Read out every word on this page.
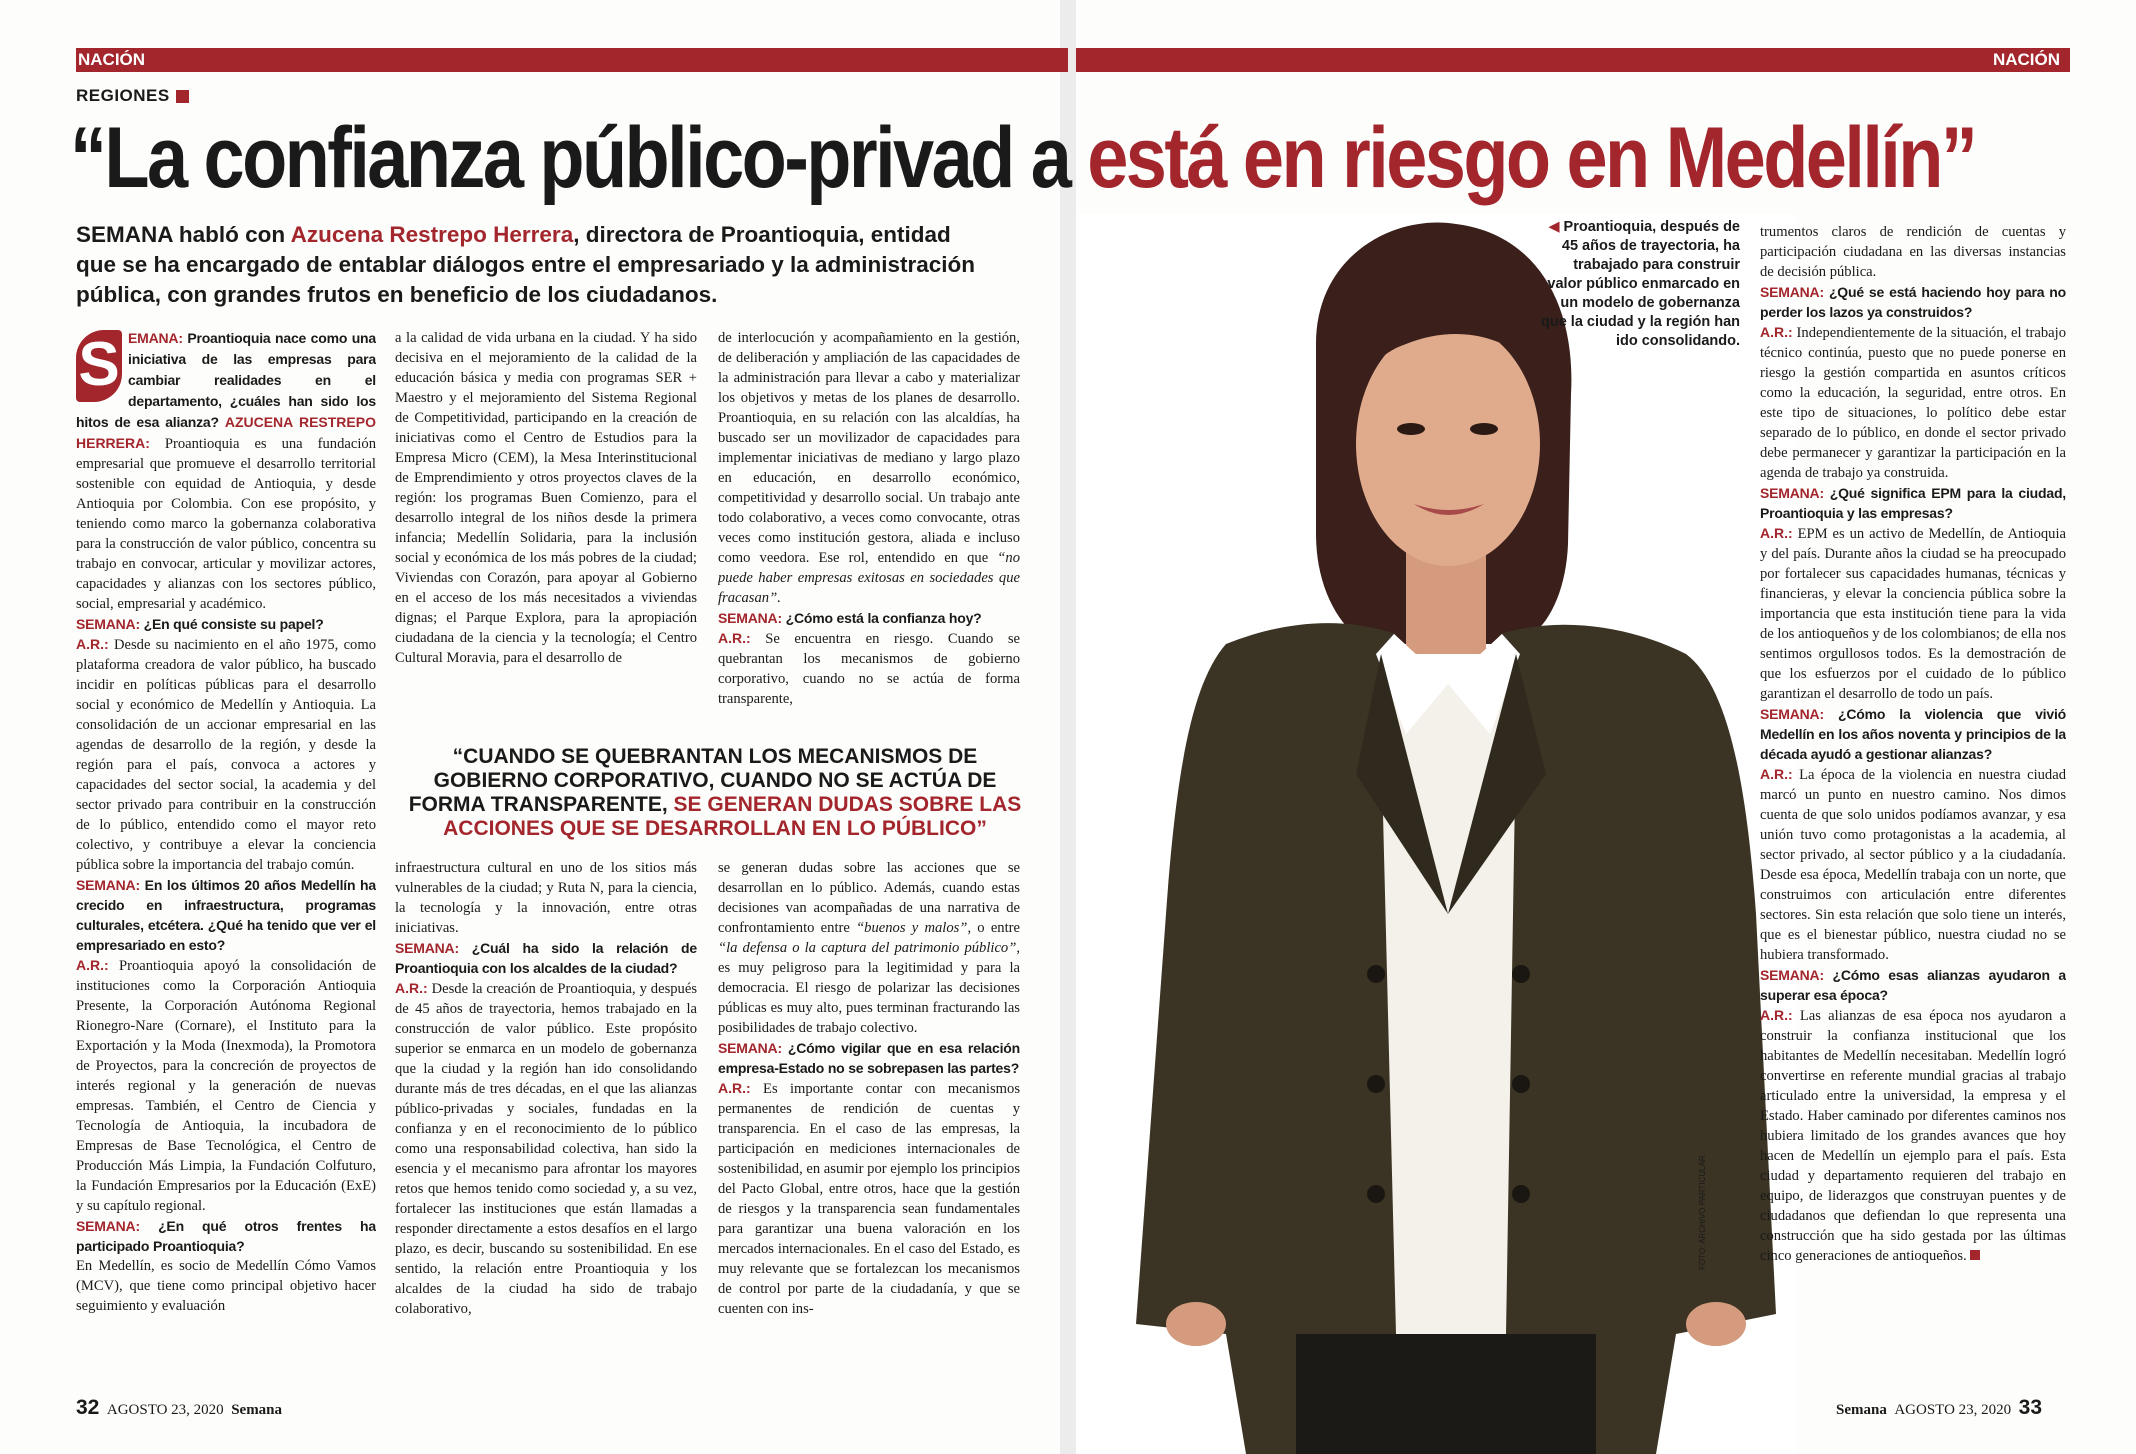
NACIÓN	NACIÓN
REGIONES
“La confianza público-privad a está en riesgo en Medellín”
SEMANA habló con Azucena Restrepo Herrera, directora de Proantioquia, entidad que se ha encargado de entablar diálogos entre el empresariado y la administración pública, con grandes frutos en beneficio de los ciudadanos.

S EMANA: Proantioquia nace como una iniciativa de las empresas para cambiar realidades en el departamento, ¿cuáles han sido los hitos de esa alianza? AZUCENA RESTREPO HERRERA: Proantioquia es una fundación empresarial que promueve el desarrollo territorial sostenible con equidad de Antioquia, y desde Antioquia por Colombia. Con ese propósito, y teniendo como marco la gobernanza colaborativa para la construcción de valor público, concentra su trabajo en convocar, articular y movilizar actores, capacidades y alianzas con los sectores público, social, empresarial y académico.

SEMANA: ¿En qué consiste su papel?

A.R.: Desde su nacimiento en el año 1975, como plataforma creadora de valor público, ha buscado incidir en políticas públicas para el desarrollo social y económico de Medellín y Antioquia. La consolidación de un accionar empresarial en las agendas de desarrollo de la región, y desde la región para el país, convoca a actores y capacidades del sector social, la academia y del sector privado para contribuir en la construcción de lo público, entendido como el mayor reto colectivo, y contribuye a elevar la conciencia pública sobre la importancia del trabajo común.

SEMANA: En los últimos 20 años Medellín ha crecido en infraestructura, programas culturales, etcétera. ¿Qué ha tenido que ver el empresariado en esto?

A.R.: Proantioquia apoyó la consolidación de instituciones como la Corporación Antioquia Presente, la Corporación Autónoma Regional Rionegro-Nare (Cornare), el Instituto para la Exportación y la Moda (Inexmoda), la Promotora de Proyectos, para la concreción de proyectos de interés regional y la generación de nuevas empresas. También, el Centro de Ciencia y Tecnología de Antioquia, la incubadora de Empresas de Base Tecnológica, el Centro de Producción Más Limpia, la Fundación Colfuturo, la Fundación Empresarios por la Educación (ExE) y su capítulo regional.

SEMANA: ¿En qué otros frentes ha participado Proantioquia?

En Medellín, es socio de Medellín Cómo Vamos (MCV), que tiene como principal objetivo hacer seguimiento y evaluación

a la calidad de vida urbana en la ciudad. Y ha sido decisiva en el mejoramiento de la calidad de la educación básica y media con programas SER + Maestro y el mejoramiento del Sistema Regional de Competitividad, participando en la creación de iniciativas como el Centro de Estudios para la Empresa Micro (CEM), la Mesa Interinstitucional de Emprendimiento y otros proyectos claves de la región: los programas Buen Comienzo, para el desarrollo integral de los niños desde la primera infancia; Medellín Solidaria, para la inclusión social y económica de los más pobres de la ciudad; Viviendas con Corazón, para apoyar al Gobierno en el acceso de los más necesitados a viviendas dignas; el Parque Explora, para la apropiación ciudadana de la ciencia y la tecnología; el Centro Cultural Moravia, para el desarrollo de

de interlocución y acompañamiento en la gestión, de deliberación y ampliación de las capacidades de la administración para llevar a cabo y materializar los objetivos y metas de los planes de desarrollo. Proantioquia, en su relación con las alcaldías, ha buscado ser un movilizador de capacidades para implementar iniciativas de mediano y largo plazo en educación, en desarrollo económico, competitividad y desarrollo social. Un trabajo ante todo colaborativo, a veces como convocante, otras veces como institución gestora, aliada e incluso como veedora. Ese rol, entendido en que “no puede haber empresas exitosas en sociedades que fracasan”.

SEMANA: ¿Cómo está la confianza hoy?

A.R.: Se encuentra en riesgo. Cuando se quebrantan los mecanismos de gobierno corporativo, cuando no se actúa de forma transparente,

“CUANDO SE QUEBRANTAN LOS MECANISMOS DE GOBIERNO CORPORATIVO, CUANDO NO SE ACTÚA DE FORMA TRANSPARENTE, SE GENERAN DUDAS SOBRE LAS ACCIONES QUE SE DESARROLLAN EN LO PÚBLICO”

infraestructura cultural en uno de los sitios más vulnerables de la ciudad; y Ruta N, para la ciencia, la tecnología y la innovación, entre otras iniciativas.

SEMANA: ¿Cuál ha sido la relación de Proantioquia con los alcaldes de la ciudad?

A.R.: Desde la creación de Proantioquia, y después de 45 años de trayectoria, hemos trabajado en la construcción de valor público. Este propósito superior se enmarca en un modelo de gobernanza que la ciudad y la región han ido consolidando durante más de tres décadas, en el que las alianzas público-privadas y sociales, fundadas en la confianza y en el reconocimiento de lo público como una responsabilidad colectiva, han sido la esencia y el mecanismo para afrontar los mayores retos que hemos tenido como sociedad y, a su vez, fortalecer las instituciones que están llamadas a responder directamente a estos desafíos en el largo plazo, es decir, buscando su sostenibilidad. En ese sentido, la relación entre Proantioquia y los alcaldes de la ciudad ha sido de trabajo colaborativo,

se generan dudas sobre las acciones que se desarrollan en lo público. Además, cuando estas decisiones van acompañadas de una narrativa de confrontamiento entre “buenos y malos”, o entre “la defensa o la captura del patrimonio público”, es muy peligroso para la legitimidad y para la democracia. El riesgo de polarizar las decisiones públicas es muy alto, pues terminan fracturando las posibilidades de trabajo colectivo.

SEMANA: ¿Cómo vigilar que en esa relación empresa-Estado no se sobrepasen las partes?

A.R.: Es importante contar con mecanismos permanentes de rendición de cuentas y transparencia. En el caso de las empresas, la participación en mediciones internacionales de sostenibilidad, en asumir por ejemplo los principios del Pacto Global, entre otros, hace que la gestión de riesgos y la transparencia sean fundamentales para garantizar una buena valoración en los mercados internacionales. En el caso del Estado, es muy relevante que se fortalezcan los mecanismos de control por parte de la ciudadanía, y que se cuenten con ins-

◀ Proantioquia, después de 45 años de trayectoria, ha trabajado para construir valor público enmarcado en un modelo de gobernanza que la ciudad y la región han ido consolidando.
FOTO: ARCHIVO PARTICULAR

trumentos claros de rendición de cuentas y participación ciudadana en las diversas instancias de decisión pública.

SEMANA: ¿Qué se está haciendo hoy para no perder los lazos ya construidos?

A.R.: Independientemente de la situación, el trabajo técnico continúa, puesto que no puede ponerse en riesgo la gestión compartida en asuntos críticos como la educación, la seguridad, entre otros. En este tipo de situaciones, lo político debe estar separado de lo público, en donde el sector privado debe permanecer y garantizar la participación en la agenda de trabajo ya construida.

SEMANA: ¿Qué significa EPM para la ciudad, Proantioquia y las empresas?

A.R.: EPM es un activo de Medellín, de Antioquia y del país. Durante años la ciudad se ha preocupado por fortalecer sus capacidades humanas, técnicas y financieras, y elevar la conciencia pública sobre la importancia que esta institución tiene para la vida de los antioqueños y de los colombianos; de ella nos sentimos orgullosos todos. Es la demostración de que los esfuerzos por el cuidado de lo público garantizan el desarrollo de todo un país.

SEMANA: ¿Cómo la violencia que vivió Medellín en los años noventa y principios de la década ayudó a gestionar alianzas?

A.R.: La época de la violencia en nuestra ciudad marcó un punto en nuestro camino. Nos dimos cuenta de que solo unidos podíamos avanzar, y esa unión tuvo como protagonistas a la academia, al sector privado, al sector público y a la ciudadanía. Desde esa época, Medellín trabaja con un norte, que construimos con articulación entre diferentes sectores. Sin esta relación que solo tiene un interés, que es el bienestar público, nuestra ciudad no se hubiera transformado.

SEMANA: ¿Cómo esas alianzas ayudaron a superar esa época?

A.R.: Las alianzas de esa época nos ayudaron a construir la confianza institucional que los habitantes de Medellín necesitaban. Medellín logró convertirse en referente mundial gracias al trabajo articulado entre la universidad, la empresa y el Estado. Haber caminado por diferentes caminos nos hubiera limitado de los grandes avances que hoy hacen de Medellín un ejemplo para el país. Esta ciudad y departamento requieren del trabajo en equipo, de liderazgos que construyan puentes y de ciudadanos que defiendan lo que representa una construcción que ha sido gestada por las últimas cinco generaciones de antioqueños.

32 AGOSTO 23, 2020 Semana	Semana AGOSTO 23, 2020 33
